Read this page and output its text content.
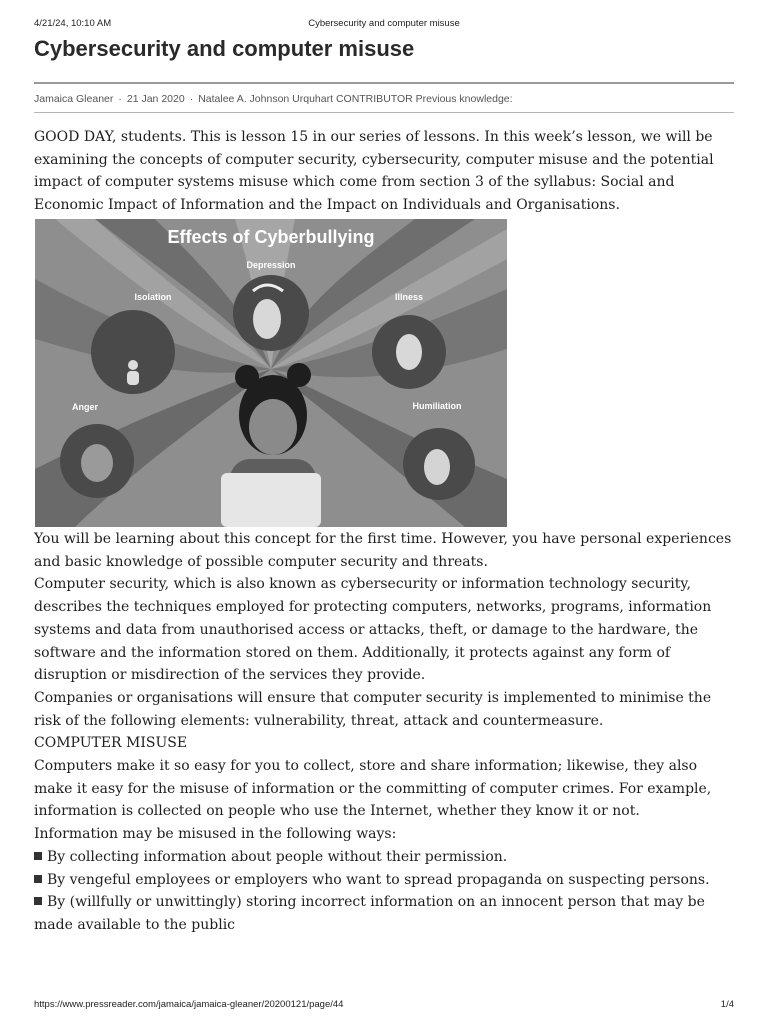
4/21/24, 10:10 AM	Cybersecurity and computer misuse
Cybersecurity and computer misuse
Jamaica Gleaner · 21 Jan 2020 · Natalee A. Johnson Urquhart CONTRIBUTOR Previous knowledge:

GOOD DAY, students. This is lesson 15 in our series of lessons. In this week’s lesson, we will be examining the concepts of computer security, cybersecurity, computer misuse and the potential impact of computer systems misuse which come from section 3 of the syllabus: Social and Economic Impact of Information and the Impact on Individuals and Organisations.

Effects of Cyberbullying
Depression
Isolation	Illness
Anger	Humiliation
You will be learning about this concept for the first time. However, you have personal experiences and basic knowledge of possible computer security and threats.
Computer security, which is also known as cybersecurity or information technology security, describes the techniques employed for protecting computers, networks, programs, information systems and data from unauthorised access or attacks, theft, or damage to the hardware, the software and the information stored on them. Additionally, it protects against any form of disruption or misdirection of the services they provide.
Companies or organisations will ensure that computer security is implemented to minimise the risk of the following elements: vulnerability, threat, attack and countermeasure.
COMPUTER MISUSE
Computers make it so easy for you to collect, store and share information; likewise, they also make it easy for the misuse of information or the committing of computer crimes. For example, information is collected on people who use the Internet, whether they know it or not.
Information may be misused in the following ways:
By collecting information about people without their permission.
By vengeful employees or employers who want to spread propaganda on suspecting persons.
By (willfully or unwittingly) storing incorrect information on an innocent person that may be made available to the public
https://www.pressreader.com/jamaica/jamaica-gleaner/20200121/page/44	1/4
